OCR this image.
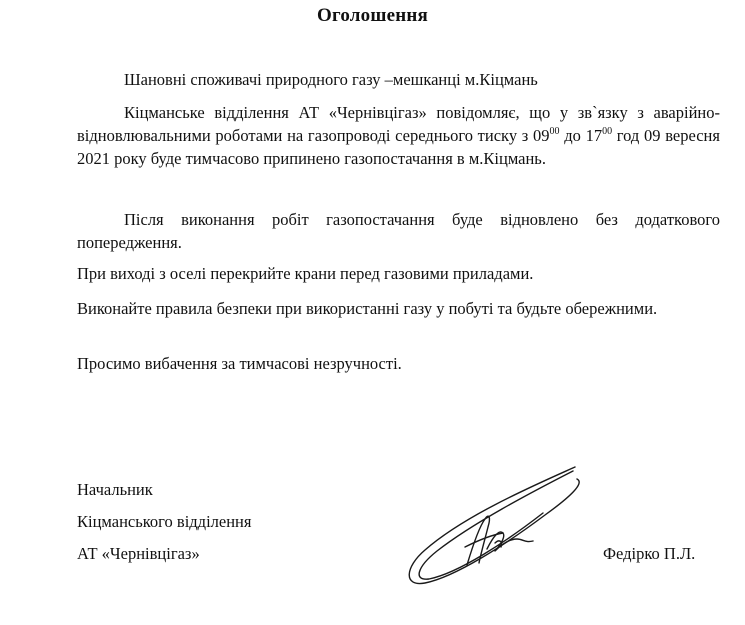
Оголошення
Шановні споживачі природного газу –мешканці м.Кіцмань
Кіцманське відділення АТ «Чернівцігаз» повідомляє, що у зв`язку з аварійно-відновлювальними роботами на газопроводі середнього тиску з $09^{00}$ до $17^{00}$ год 09 вересня 2021 року буде тимчасово припинено газопостачання в м.Кіцмань.
Після виконання робіт газопостачання буде відновлено без додаткового попередження.
При виході з оселі перекрийте крани перед газовими приладами.
Виконайте правила безпеки при використанні газу у побуті та будьте обережними.
Просимо вибачення за тимчасові незручності.
Начальник
Кіцманського відділення
АТ «Чернівцігаз»	Федірко П.Л.
